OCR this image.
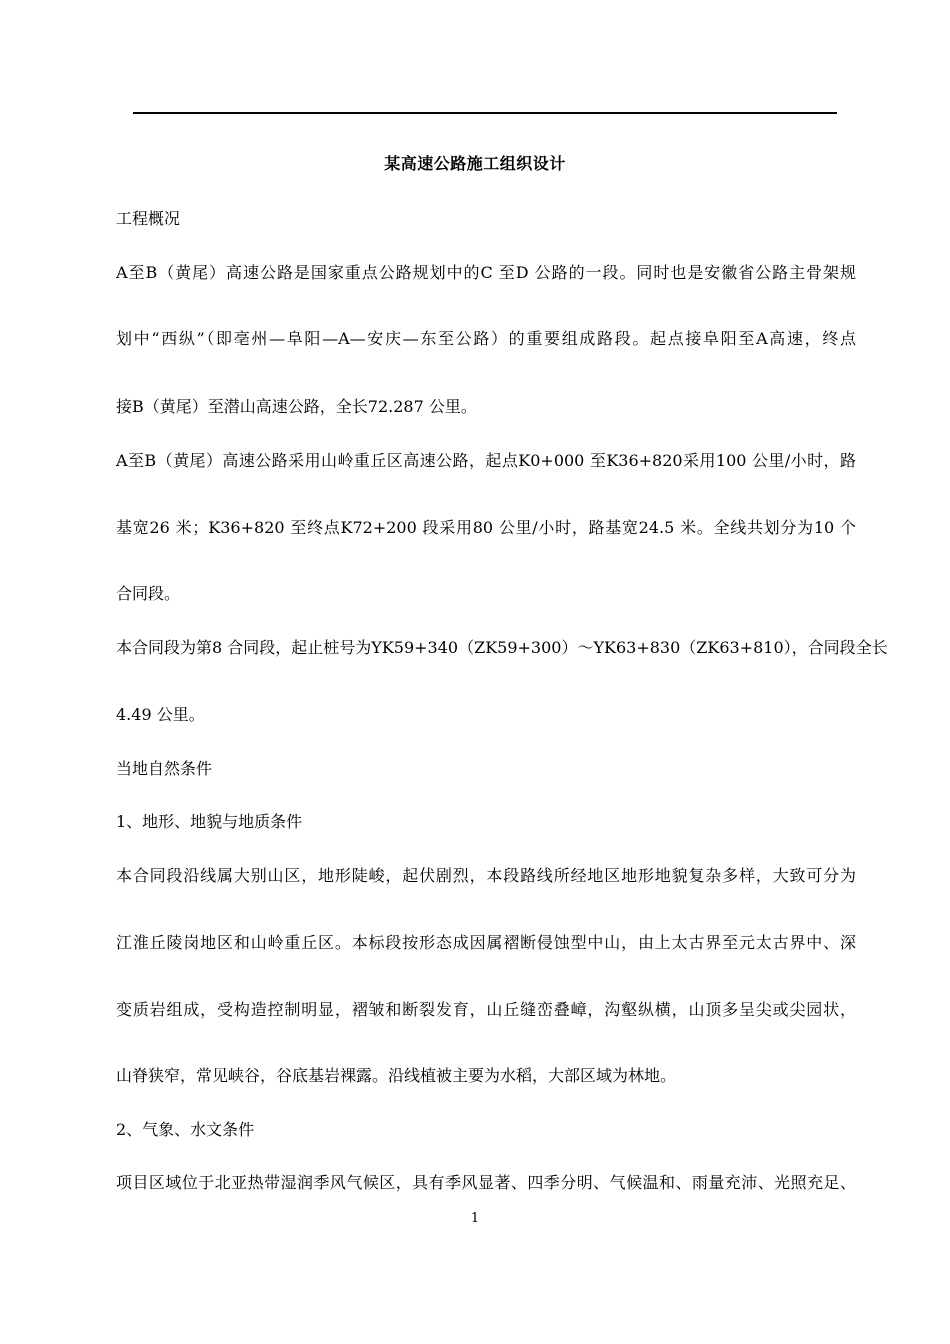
某高速公路施工组织设计
工程概况
A至B（黄尾）高速公路是国家重点公路规划中的C 至D 公路的一段。同时也是安徽省公路主骨架规
划中“西纵”（即亳州—阜阳—A—安庆—东至公路）的重要组成路段。起点接阜阳至A高速，终点
接B（黄尾）至潜山高速公路，全长72.287 公里。
A至B（黄尾）高速公路采用山岭重丘区高速公路，起点K0+000 至K36+820采用100 公里/小时，路
基宽26 米；K36+820 至终点K72+200 段采用80 公里/小时，路基宽24.5 米。全线共划分为10 个
合同段。
本合同段为第8 合同段，起止桩号为YK59+340（ZK59+300）～YK63+830（ZK63+810），合同段全长
4.49 公里。
当地自然条件
1、地形、地貌与地质条件
本合同段沿线属大别山区，地形陡峻，起伏剧烈，本段路线所经地区地形地貌复杂多样，大致可分为
江淮丘陵岗地区和山岭重丘区。本标段按形态成因属褶断侵蚀型中山，由上太古界至元太古界中、深
变质岩组成，受构造控制明显，褶皱和断裂发育，山丘缝峦叠嶂，沟壑纵横，山顶多呈尖或尖园状，
山脊狭窄，常见峡谷，谷底基岩裸露。沿线植被主要为水稻，大部区域为林地。
2、气象、水文条件
项目区域位于北亚热带湿润季风气候区，具有季风显著、四季分明、气候温和、雨量充沛、光照充足、
1
